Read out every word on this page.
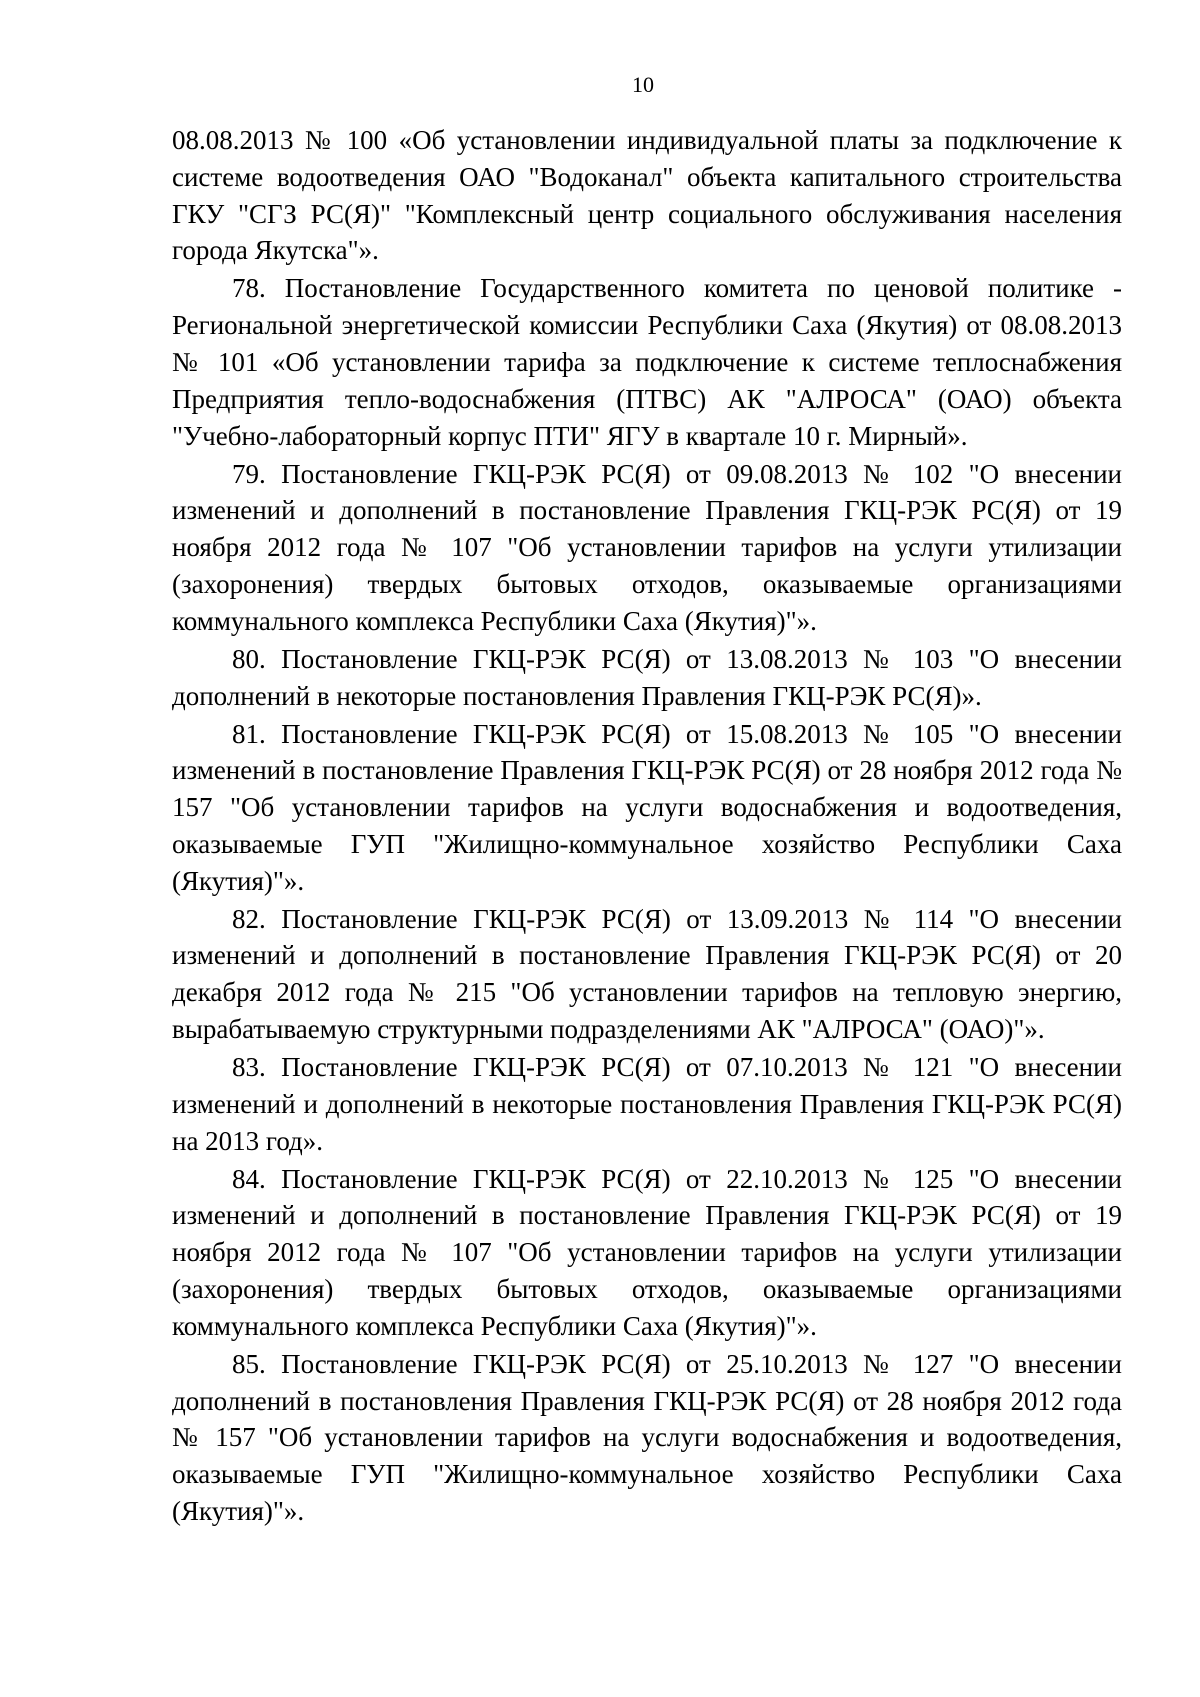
10

08.08.2013 № 100 «Об установлении индивидуальной платы за подключение к системе водоотведения ОАО "Водоканал" объекта капитального строительства ГКУ "СГЗ РС(Я)" "Комплексный центр социального обслуживания населения города Якутска"».

78. Постановление Государственного комитета по ценовой политике - Региональной энергетической комиссии Республики Саха (Якутия) от 08.08.2013 № 101 «Об установлении тарифа за подключение к системе теплоснабжения Предприятия тепло-водоснабжения (ПТВС) АК "АЛРОСА" (ОАО) объекта "Учебно-лабораторный корпус ПТИ" ЯГУ в квартале 10 г. Мирный».

79. Постановление ГКЦ-РЭК РС(Я) от 09.08.2013 № 102 "О внесении изменений и дополнений в постановление Правления ГКЦ-РЭК РС(Я) от 19 ноября 2012 года № 107 "Об установлении тарифов на услуги утилизации (захоронения) твердых бытовых отходов, оказываемые организациями коммунального комплекса Республики Саха (Якутия)"».

80. Постановление ГКЦ-РЭК РС(Я) от 13.08.2013 № 103 "О внесении дополнений в некоторые постановления Правления ГКЦ-РЭК РС(Я)».

81. Постановление ГКЦ-РЭК РС(Я) от 15.08.2013 № 105 "О внесении изменений в постановление Правления ГКЦ-РЭК РС(Я) от 28 ноября 2012 года № 157 "Об установлении тарифов на услуги водоснабжения и водоотведения, оказываемые ГУП "Жилищно-коммунальное хозяйство Республики Саха (Якутия)"».

82. Постановление ГКЦ-РЭК РС(Я) от 13.09.2013 № 114 "О внесении изменений и дополнений в постановление Правления ГКЦ-РЭК РС(Я) от 20 декабря 2012 года № 215 "Об установлении тарифов на тепловую энергию, вырабатываемую структурными подразделениями АК "АЛРОСА" (ОАО)"».

83. Постановление ГКЦ-РЭК РС(Я) от 07.10.2013 № 121 "О внесении изменений и дополнений в некоторые постановления Правления ГКЦ-РЭК РС(Я) на 2013 год».

84. Постановление ГКЦ-РЭК РС(Я) от 22.10.2013 № 125 "О внесении изменений и дополнений в постановление Правления ГКЦ-РЭК РС(Я) от 19 ноября 2012 года № 107 "Об установлении тарифов на услуги утилизации (захоронения) твердых бытовых отходов, оказываемые организациями коммунального комплекса Республики Саха (Якутия)"».

85. Постановление ГКЦ-РЭК РС(Я) от 25.10.2013 № 127 "О внесении дополнений в постановления Правления ГКЦ-РЭК РС(Я) от 28 ноября 2012 года № 157 "Об установлении тарифов на услуги водоснабжения и водоотведения, оказываемые ГУП "Жилищно-коммунальное хозяйство Республики Саха (Якутия)"».
